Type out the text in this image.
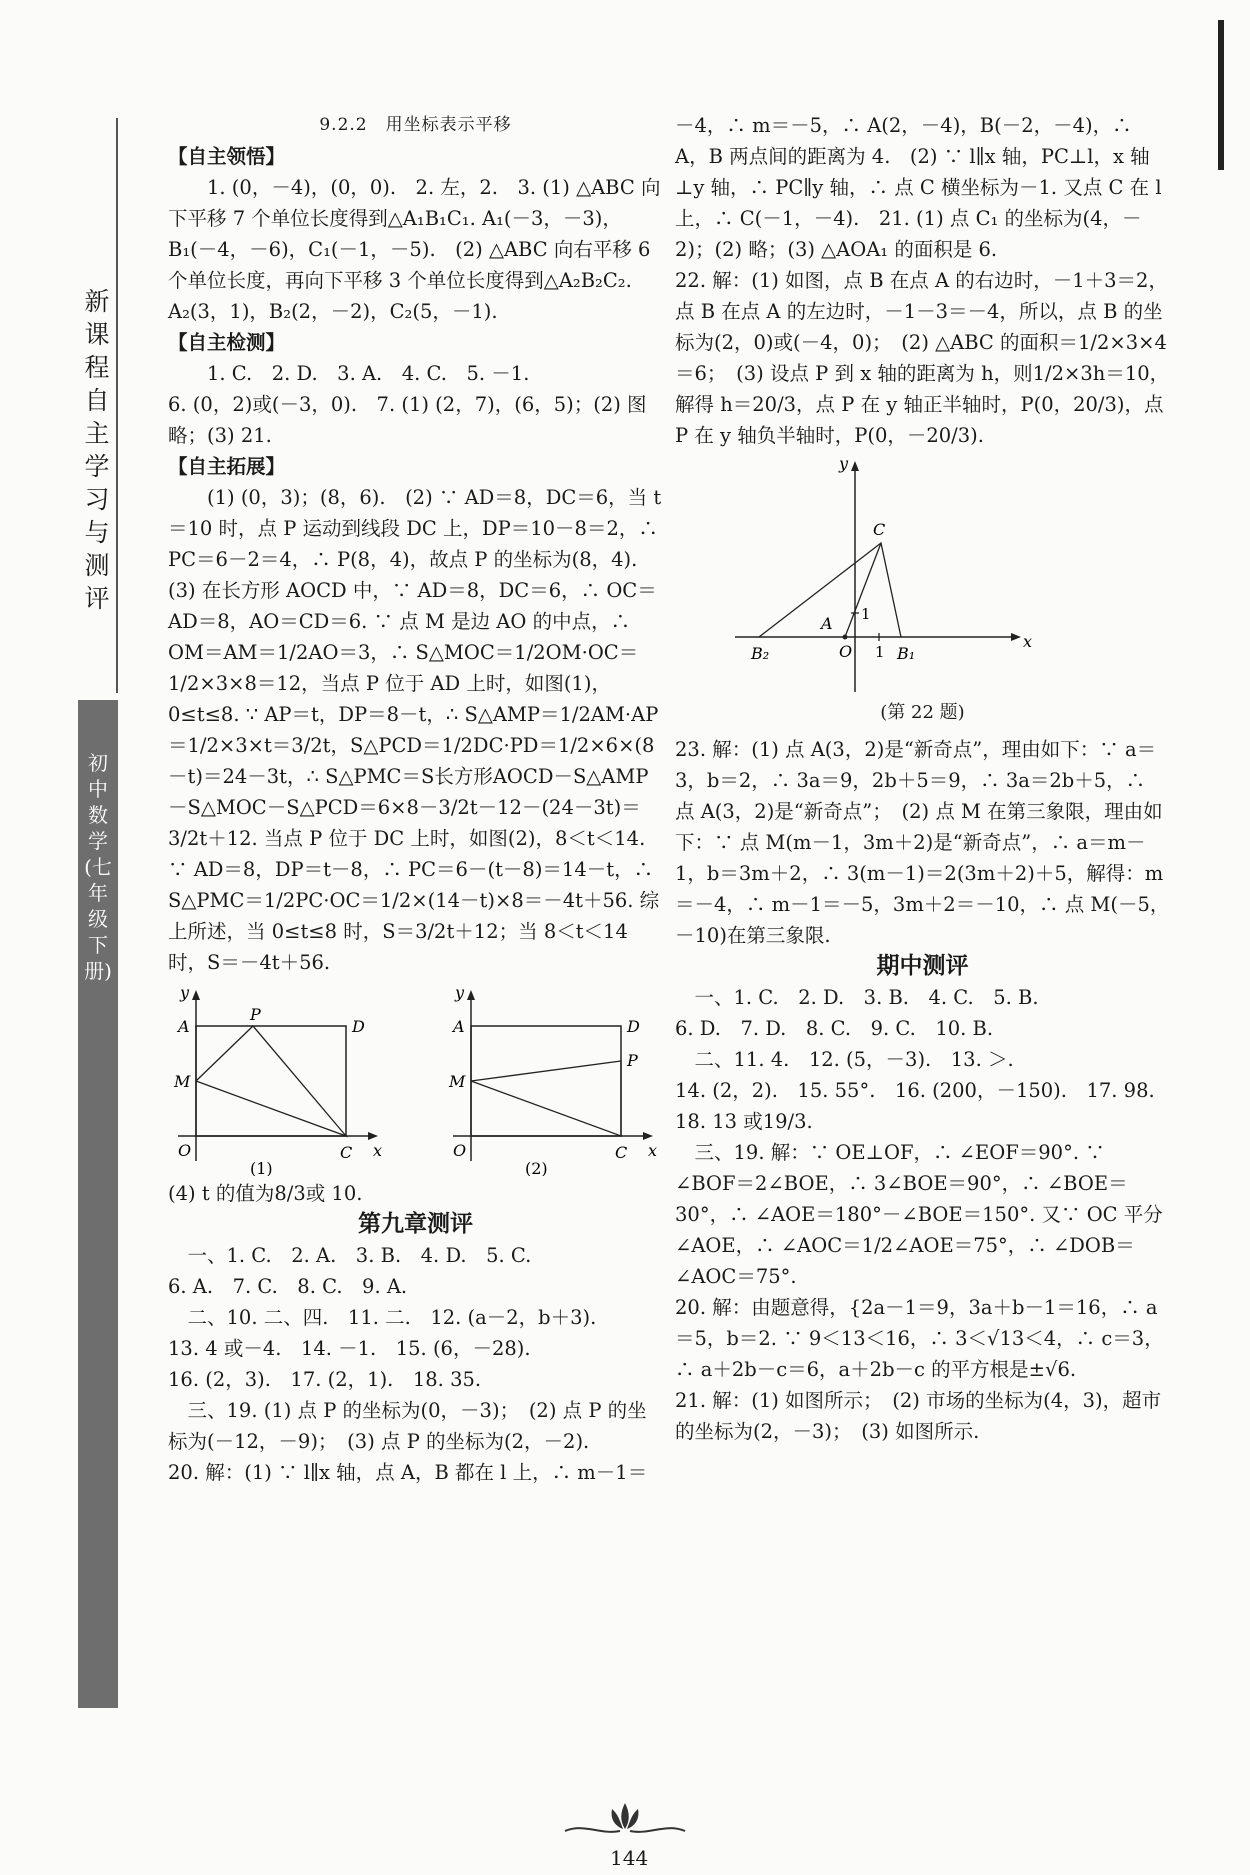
新课程自主学习与测评
初中数学(七年级下册)

9.2.2　用坐标表示平移

【自主领悟】

1. (0，－4)，(0，0).　2. 左，2.　3. (1) △ABC 向下平移 7 个单位长度得到△A₁B₁C₁. A₁(－3，－3)，B₁(－4，－6)，C₁(－1，－5).　(2) △ABC 向右平移 6 个单位长度，再向下平移 3 个单位长度得到△A₂B₂C₂. A₂(3，1)，B₂(2，－2)，C₂(5，－1).

【自主检测】

1. C.　2. D.　3. A.　4. C.　5. －1.

6. (0，2)或(－3，0).　7. (1) (2，7)，(6，5)；(2) 图略；(3) 21.

【自主拓展】

(1) (0，3)；(8，6).　(2) ∵ AD＝8，DC＝6，当 t＝10 时，点 P 运动到线段 DC 上，DP＝10－8＝2，∴ PC＝6－2＝4，∴ P(8，4)，故点 P 的坐标为(8，4).　(3) 在长方形 AOCD 中，∵ AD＝8，DC＝6，∴ OC＝AD＝8，AO＝CD＝6. ∵ 点 M 是边 AO 的中点，∴ OM＝AM＝1/2AO＝3，∴ S△MOC＝1/2OM·OC＝1/2×3×8＝12，当点 P 位于 AD 上时，如图(1)，0≤t≤8. ∵ AP＝t，DP＝8－t，∴ S△AMP＝1/2AM·AP＝1/2×3×t＝3/2t，S△PCD＝1/2DC·PD＝1/2×6×(8－t)＝24－3t，∴ S△PMC＝S长方形AOCD－S△AMP－S△MOC－S△PCD＝6×8－3/2t－12－(24－3t)＝3/2t＋12. 当点 P 位于 DC 上时，如图(2)，8＜t＜14. ∵ AD＝8，DP＝t－8，∴ PC＝6－(t－8)＝14－t，∴ S△PMC＝1/2PC·OC＝1/2×(14－t)×8＝－4t＋56. 综上所述，当 0≤t≤8 时，S＝3/2t＋12；当 8＜t＜14 时，S＝－4t＋56.

y
x
A
P
D
M
O	C
(1)
y
x
A	D
P
M
O	C
(2)

(4) t 的值为8/3或 10.

第九章测评

一、1. C.　2. A.　3. B.　4. D.　5. C.

6. A.　7. C.　8. C.　9. A.

二、10. 二、四.　11. 二.　12. (a－2，b＋3).

13. 4 或－4.　14. －1.　15. (6，－28).

16. (2，3).　17. (2，1).　18. 35.

三、19. (1) 点 P 的坐标为(0，－3)；　(2) 点 P 的坐标为(－12，－9)；　(3) 点 P 的坐标为(2，－2).

20. 解：(1) ∵ l∥x 轴，点 A，B 都在 l 上，∴ m－1＝

－4，∴ m＝－5，∴ A(2，－4)，B(－2，－4)，∴ A，B 两点间的距离为 4.　(2) ∵ l∥x 轴，PC⊥l，x 轴⊥y 轴，∴ PC∥y 轴，∴ 点 C 横坐标为－1. 又点 C 在 l 上，∴ C(－1，－4).　21. (1) 点 C₁ 的坐标为(4，－2)；(2) 略；(3) △AOA₁ 的面积是 6.

22. 解：(1) 如图，点 B 在点 A 的右边时，－1＋3＝2，点 B 在点 A 的左边时，－1－3＝－4，所以，点 B 的坐标为(2，0)或(－4，0)；　(2) △ABC 的面积＝1/2×3×4＝6；　(3) 设点 P 到 x 轴的距离为 h，则1/2×3h＝10，解得 h＝20/3，点 P 在 y 轴正半轴时，P(0，20/3)，点 P 在 y 轴负半轴时，P(0，－20/3).

y
x
C
A 1
B₂	O 1 B₁

(第 22 题)

23. 解：(1) 点 A(3，2)是“新奇点”，理由如下：∵ a＝3，b＝2，∴ 3a＝9，2b＋5＝9，∴ 3a＝2b＋5，∴ 点 A(3，2)是“新奇点”；　(2) 点 M 在第三象限，理由如下：∵ 点 M(m－1，3m＋2)是“新奇点”，∴ a＝m－1，b＝3m＋2，∴ 3(m－1)＝2(3m＋2)＋5，解得：m＝－4，∴ m－1＝－5，3m＋2＝－10，∴ 点 M(－5，－10)在第三象限.

期中测评

一、1. C.　2. D.　3. B.　4. C.　5. B.

6. D.　7. D.　8. C.　9. C.　10. B.

二、11. 4.　12. (5，－3).　13. ＞.

14. (2，2).　15. 55°.　16. (200，－150).　17. 98.

18. 13 或19/3.

三、19. 解：∵ OE⊥OF，∴ ∠EOF＝90°. ∵ ∠BOF＝2∠BOE，∴ 3∠BOE＝90°，∴ ∠BOE＝30°，∴ ∠AOE＝180°－∠BOE＝150°. 又∵ OC 平分∠AOE，∴ ∠AOC＝1/2∠AOE＝75°，∴ ∠DOB＝∠AOC＝75°.

20. 解：由题意得，{2a－1＝9，3a＋b－1＝16，∴ a＝5，b＝2. ∵ 9＜13＜16，∴ 3＜√13＜4，∴ c＝3，∴ a＋2b－c＝6，a＋2b－c 的平方根是±√6.

21. 解：(1) 如图所示；　(2) 市场的坐标为(4，3)，超市的坐标为(2，－3)；　(3) 如图所示.

144
